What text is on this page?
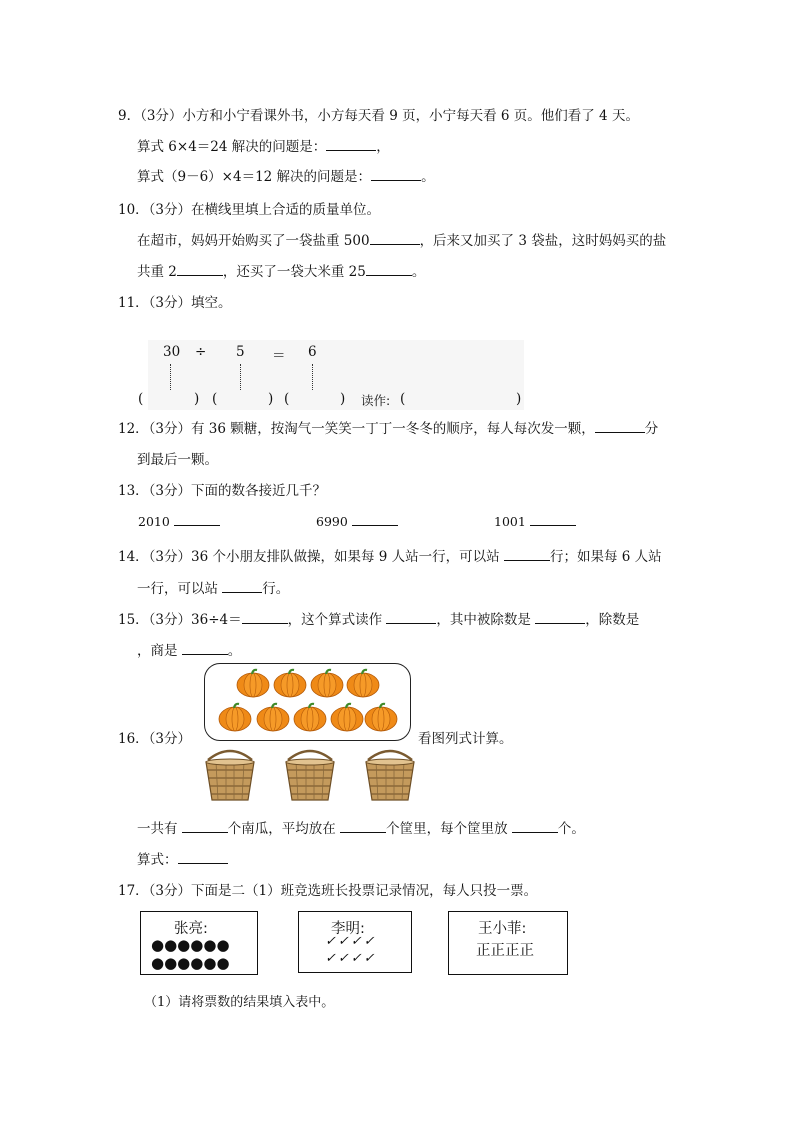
9．（3分）小方和小宁看课外书，小方每天看 9 页，小宁每天看 6 页。他们看了 4 天。
算式 6×4＝24 解决的问题是：	，
算式（9－6）×4＝12 解决的问题是：	。
10．（3分）在横线里填上合适的质量单位。
在超市，妈妈开始购买了一袋盐重 500	，后来又加买了 3 袋盐，这时妈妈买的盐
共重 2	，还买了一袋大米重 25	。
11．（3分）填空。
30 ÷ 5 ＝ 6
(	) (	) (	) 读作: (	)
12．（3分）有 36 颗糖，按淘气一笑笑一丁丁一冬冬的顺序，每人每次发一颗，	分
到最后一颗。
13．（3分）下面的数各接近几千？
2010	6990	1001
14．（3分）36 个小朋友排队做操，如果每 9 人站一行，可以站	行；如果每 6 人站
一行，可以站	行。
15．（3分）36÷4＝	，这个算式读作	，其中被除数是	，除数是
，商是	。
16．（3分）	看图列式计算。
一共有	个南瓜，平均放在	个筐里，每个筐里放	个。
算式：
17．（3分）下面是二（1）班竞选班长投票记录情况，每人只投一票。
张亮:
●●●●●●
●●●●●●
李明:
✓✓✓✓
✓✓✓✓
王小菲:
正正正正
（1）请将票数的结果填入表中。
